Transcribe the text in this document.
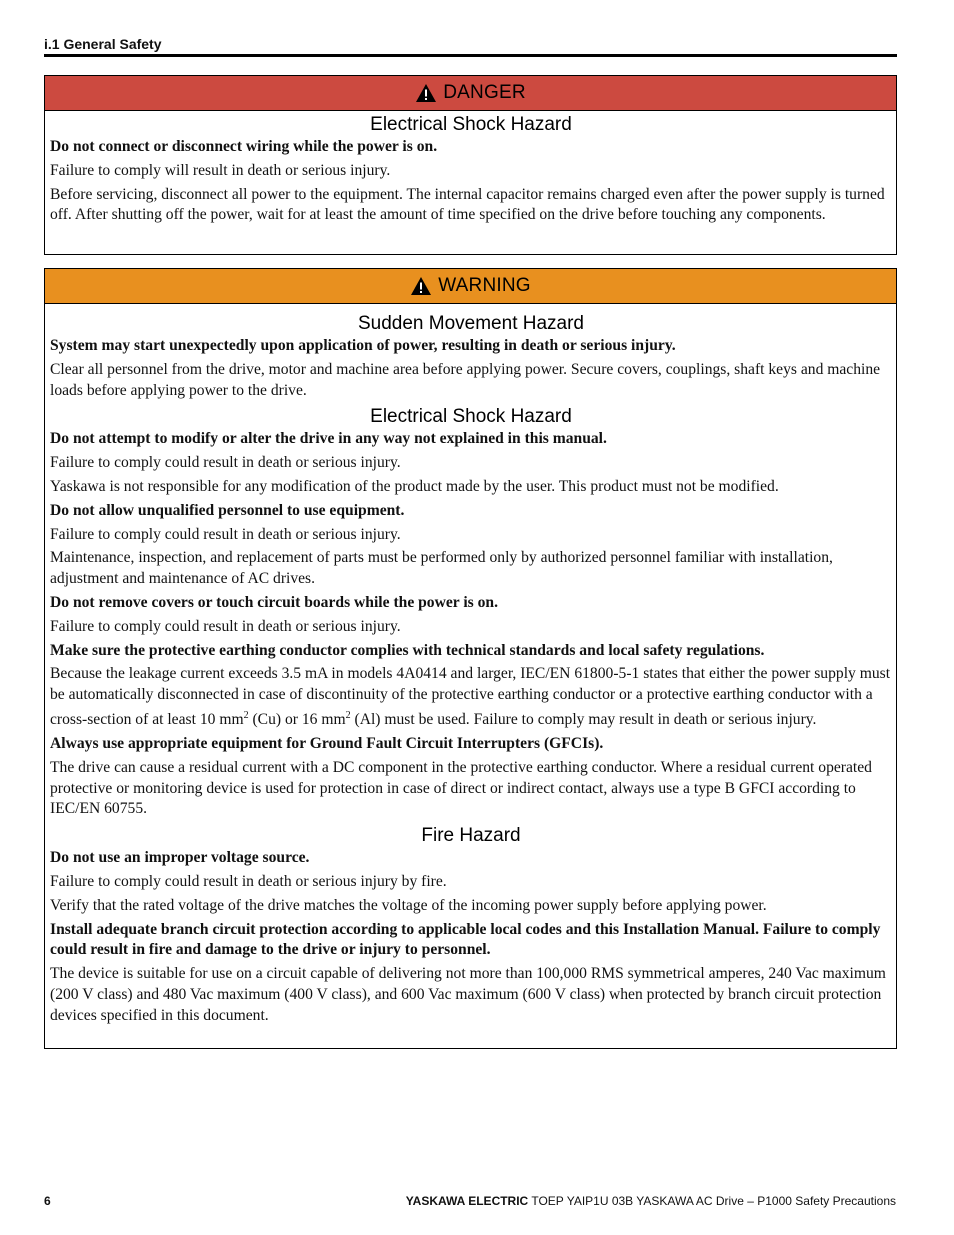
i.1 General Safety
DANGER
Electrical Shock Hazard

Do not connect or disconnect wiring while the power is on.

Failure to comply will result in death or serious injury.

Before servicing, disconnect all power to the equipment. The internal capacitor remains charged even after the power supply is turned off. After shutting off the power, wait for at least the amount of time specified on the drive before touching any components.

WARNING
Sudden Movement Hazard

System may start unexpectedly upon application of power, resulting in death or serious injury.

Clear all personnel from the drive, motor and machine area before applying power. Secure covers, couplings, shaft keys and machine loads before applying power to the drive.

Electrical Shock Hazard

Do not attempt to modify or alter the drive in any way not explained in this manual.

Failure to comply could result in death or serious injury.

Yaskawa is not responsible for any modification of the product made by the user. This product must not be modified.

Do not allow unqualified personnel to use equipment.

Failure to comply could result in death or serious injury.

Maintenance, inspection, and replacement of parts must be performed only by authorized personnel familiar with installation, adjustment and maintenance of AC drives.

Do not remove covers or touch circuit boards while the power is on.

Failure to comply could result in death or serious injury.

Make sure the protective earthing conductor complies with technical standards and local safety regulations.

Because the leakage current exceeds 3.5 mA in models 4A0414 and larger, IEC/EN 61800-5-1 states that either the power supply must be automatically disconnected in case of discontinuity of the protective earthing conductor or a protective earthing conductor with a cross-section of at least 10 $mm^2$ (Cu) or 16 $mm^2$ (Al) must be used. Failure to comply may result in death or serious injury.

Always use appropriate equipment for Ground Fault Circuit Interrupters (GFCIs).

The drive can cause a residual current with a DC component in the protective earthing conductor. Where a residual current operated protective or monitoring device is used for protection in case of direct or indirect contact, always use a type B GFCI according to IEC/EN 60755.

Fire Hazard

Do not use an improper voltage source.

Failure to comply could result in death or serious injury by fire.

Verify that the rated voltage of the drive matches the voltage of the incoming power supply before applying power.

Install adequate branch circuit protection according to applicable local codes and this Installation Manual. Failure to comply could result in fire and damage to the drive or injury to personnel.

The device is suitable for use on a circuit capable of delivering not more than 100,000 RMS symmetrical amperes, 240 Vac maximum (200 V class) and 480 Vac maximum (400 V class), and 600 Vac maximum (600 V class) when protected by branch circuit protection devices specified in this document.

6	YASKAWA ELECTRIC TOEP YAIP1U 03B YASKAWA AC Drive – P1000 Safety Precautions
